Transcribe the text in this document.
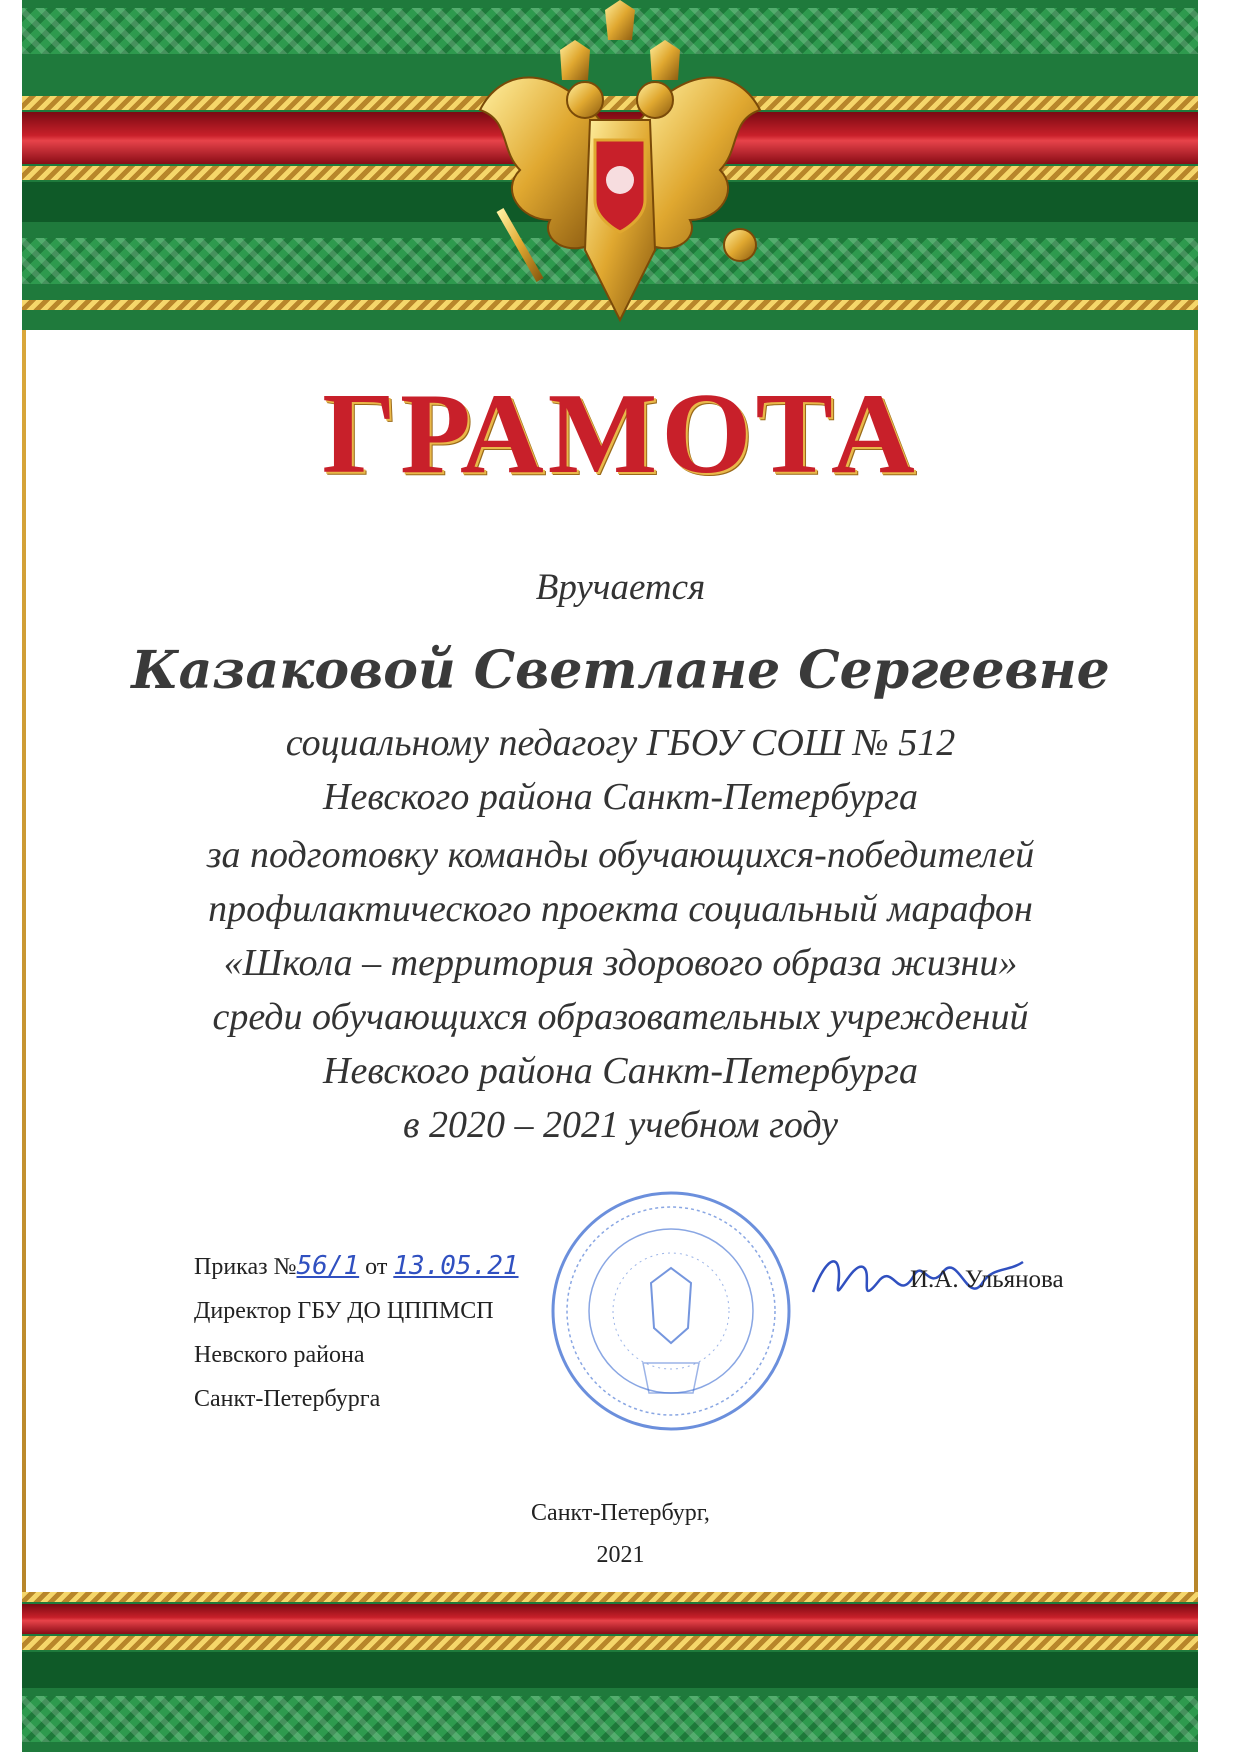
ГРАМОТА
Вручается
Казаковой Светлане Сергеевне
социальному педагогу ГБОУ СОШ № 512
Невского района Санкт-Петербурга
за подготовку команды обучающихся-победителей
профилактического проекта социальный марафон
«Школа – территория здорового образа жизни»
среди обучающихся образовательных учреждений
Невского района Санкт-Петербурга
в 2020 – 2021 учебном году
Приказ №56/1 от 13.05.21
Директор ГБУ ДО ЦППМСП
Невского района
Санкт-Петербурга
И.А. Ульянова
Санкт-Петербург,
2021
